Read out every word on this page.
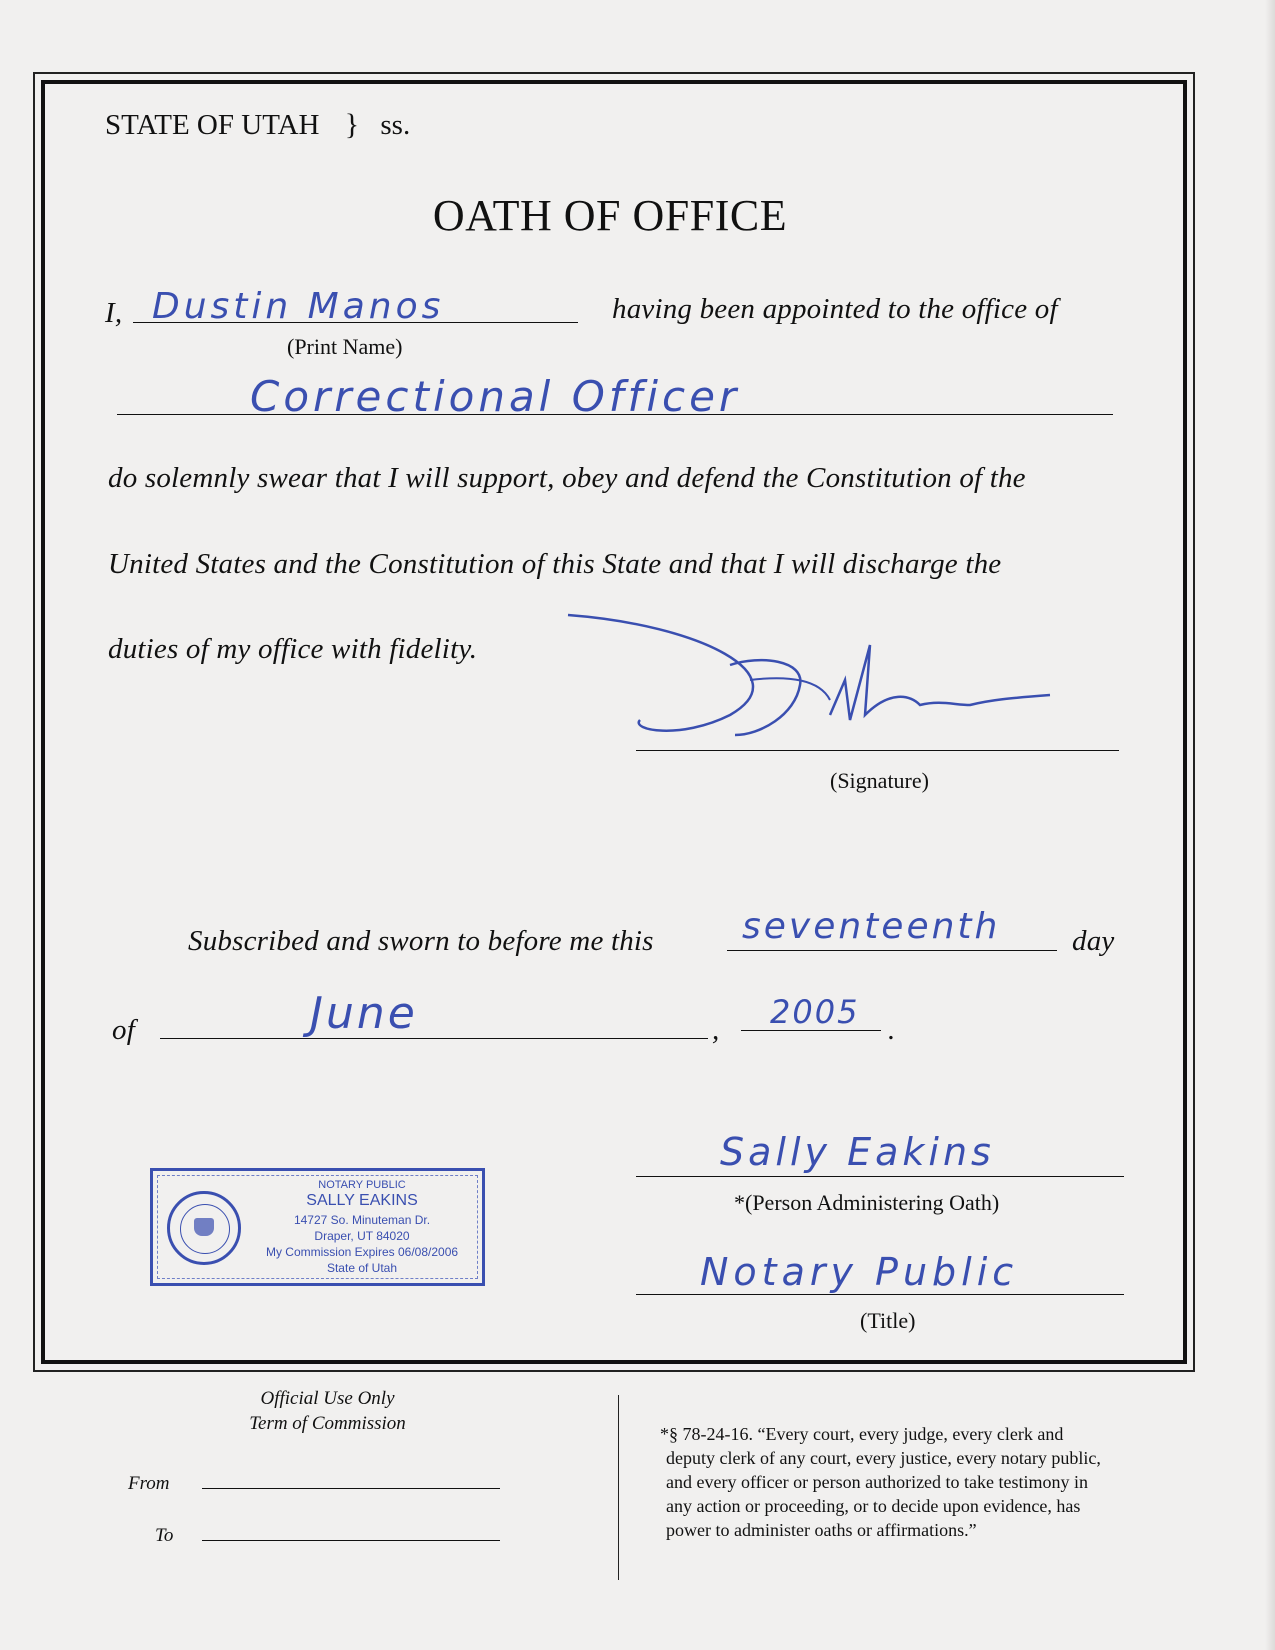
STATE OF UTAH } ss.
OATH OF OFFICE
I, Dustin Manos
(Print Name)
having been appointed to the office of
Correctional Officer
do solemnly swear that I will support, obey and defend the Constitution of the
United States and the Constitution of this State and that I will discharge the
duties of my office with fidelity.
(Signature)
Subscribed and sworn to before me this seventeenth day
of	June	, 2005 .
NOTARY PUBLIC
SALLY EAKINS
14727 So. Minuteman Dr.
Draper, UT 84020
My Commission Expires 06/08/2006
State of Utah
Sally Eakins
*(Person Administering Oath)
Notary Public
(Title)
Official Use Only
Term of Commission
From
To
*§ 78-24-16. “Every court, every judge, every clerk and
deputy clerk of any court, every justice, every notary public,
and every officer or person authorized to take testimony in
any action or proceeding, or to decide upon evidence, has
power to administer oaths or affirmations.”
